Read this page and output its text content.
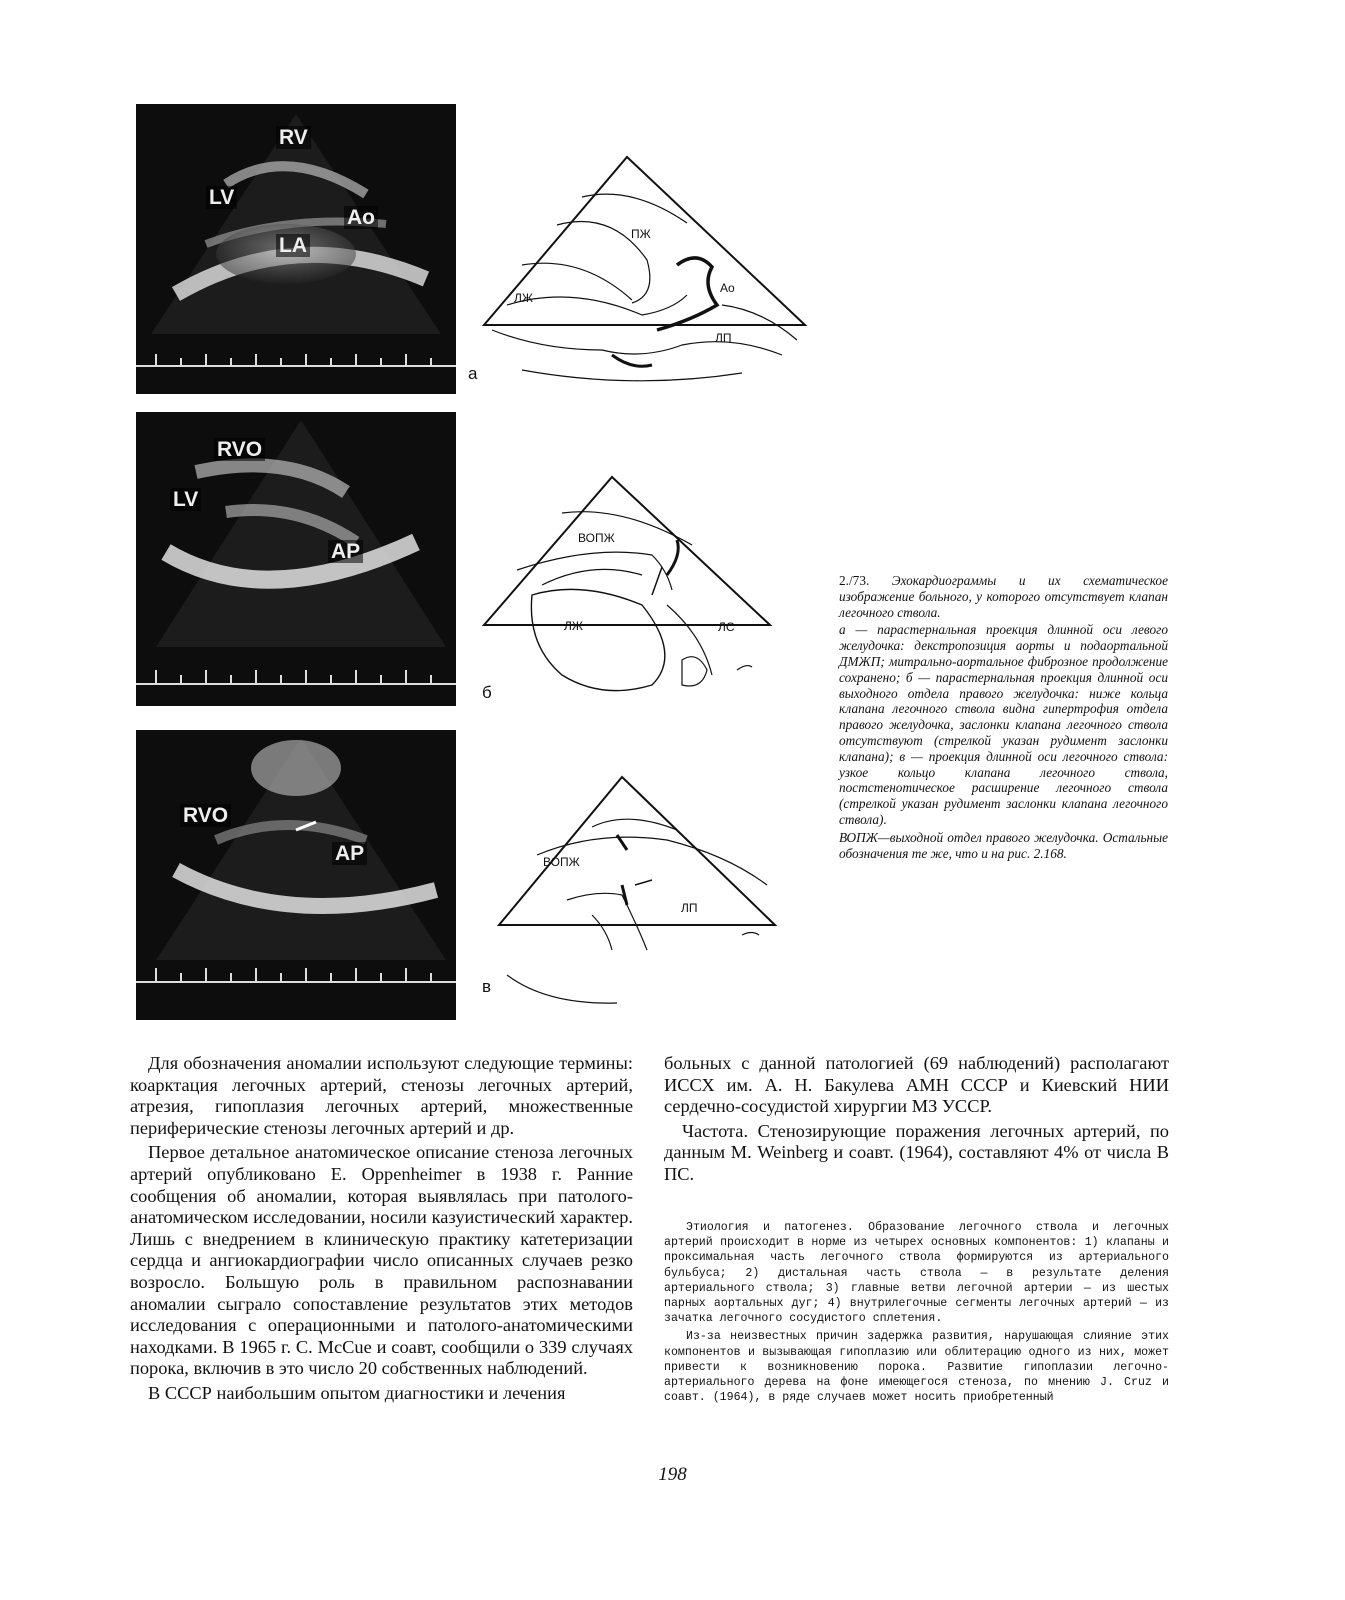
RV
LV
Ao
LA
а
ПЖ
ЛЖ
Ао
ЛП
RVO
LV
AP
б
ВОПЖ
ЛЖ	ЛС
RVO
AP
в
ВОПЖ
ЛП

2./73. Эхокардиограммы и их схематическое изображение больного, у которого отсутствует клапан легочного ствола.

а — парастернальная проекция длинной оси левого желудочка: декстропозиция аорты и подаортальной ДМЖП; митрально-аортальное фиброзное продолжение сохранено; б — парастернальная проекция длинной оси выходного отдела правого желудочка: ниже кольца клапана легочного ствола видна гипертрофия отдела правого желудочка, заслонки клапана легочного ствола отсутствуют (стрелкой указан рудимент заслонки клапана); в — проекция длинной оси легочного ствола: узкое кольцо клапана легочного ствола, постстенотическое расширение легочного ствола (стрелкой указан рудимент заслонки клапана легочного ствола).

ВОПЖ—выходной отдел правого желудочка. Остальные обозначения те же, что и на рис. 2.168.

Для обозначения аномалии используют следующие термины: коарктация легочных артерий, стенозы легочных артерий, атрезия, гипоплазия легочных артерий, множественные периферические стенозы легочных артерий и др.

Первое детальное анатомическое описание стеноза легочных артерий опубликовано E. Oppenheimer в 1938 г. Ранние сообщения об аномалии, которая выявлялась при патолого-анатомическом исследовании, носили казуистический характер. Лишь с внедрением в клиническую практику катетеризации сердца и ангиокардиографии число описанных случаев резко возросло. Большую роль в правильном распознавании аномалии сыграло сопоставление результатов этих методов исследования с операционными и патолого-анатомическими находками. В 1965 г. С. McCue и соавт, сообщили о 339 случаях порока, включив в это число 20 собственных наблюдений.

В СССР наибольшим опытом диагностики и лечения

больных с данной патологией (69 наблюдений) располагают ИССХ им. А. Н. Бакулева АМН СССР и Киевский НИИ сердечно-сосудистой хирургии МЗ УССР.

Частота. Стенозирующие поражения легочных артерий, по данным М. Weinberg и соавт. (1964), составляют 4% от числа В ПС.

Этиология и патогенез. Образование легочного ствола и легочных артерий происходит в норме из четырех основных компонентов: 1) клапаны и проксимальная часть легочного ствола формируются из артериального бульбуса; 2) дистальная часть ствола — в результате деления артериального ствола; 3) главные ветви легочной артерии — из шестых парных аортальных дуг; 4) внутрилегочные сегменты легочных артерий — из зачатка легочного сосудистого сплетения.

Из-за неизвестных причин задержка развития, нарушающая слияние этих компонентов и вызывающая гипоплазию или облитерацию одного из них, может привести к возникновению порока. Развитие гипоплазии легочно-артериального дерева на фоне имеющегося стеноза, по мнению J. Cruz и соавт. (1964), в ряде случаев может носить приобретенный

198
